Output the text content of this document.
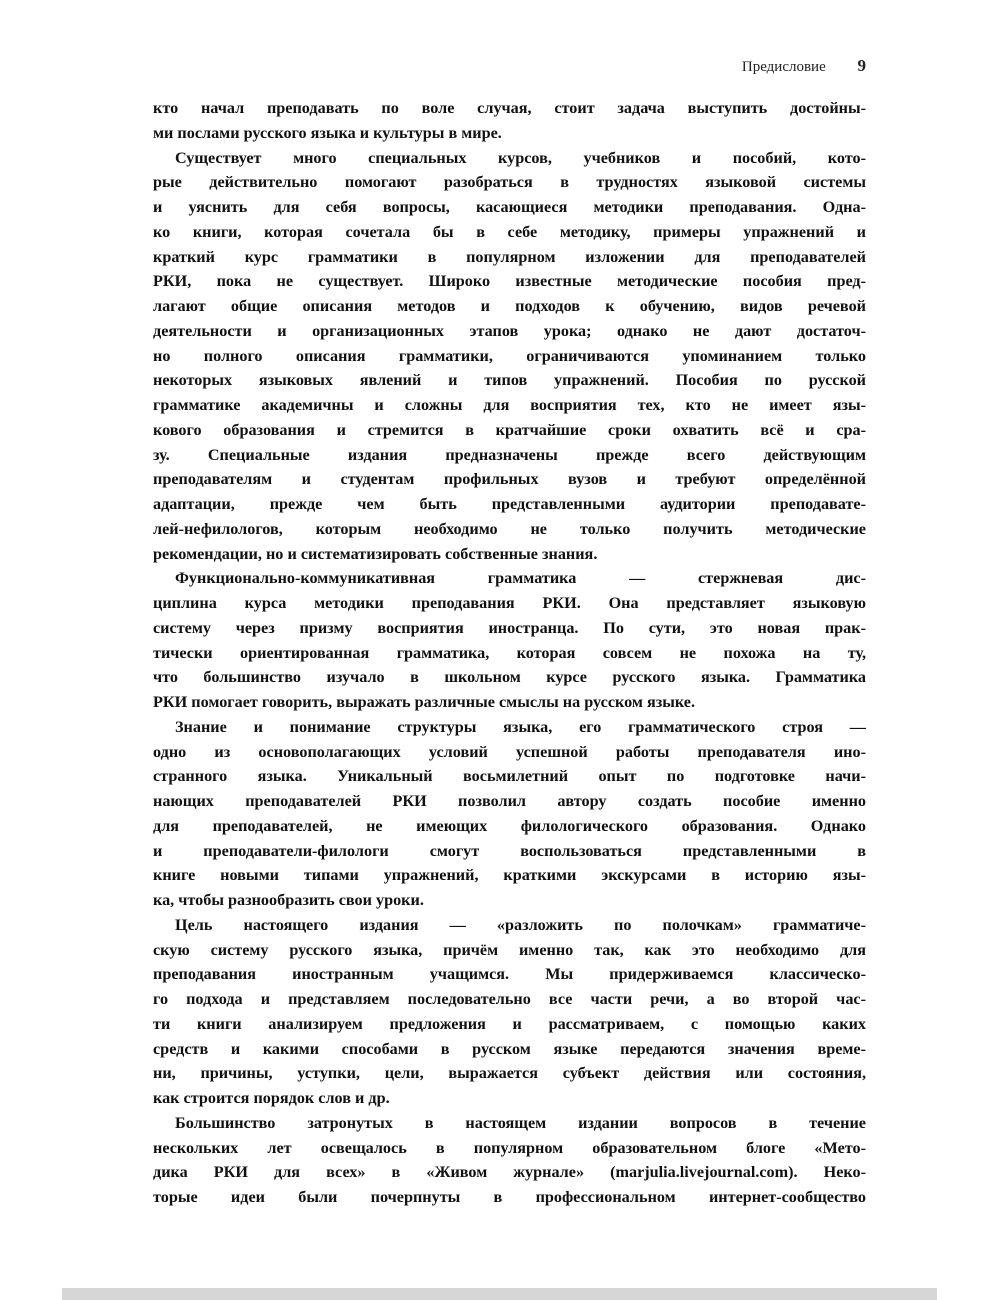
Предисловие 9
кто начал преподавать по воле случая, стоит задача выступить достойны-
ми послами русского языка и культуры в мире.
Существует много специальных курсов, учебников и пособий, кото-
рые действительно помогают разобраться в трудностях языковой системы
и уяснить для себя вопросы, касающиеся методики преподавания. Одна-
ко книги, которая сочетала бы в себе методику, примеры упражнений и
краткий курс грамматики в популярном изложении для преподавателей
РКИ, пока не существует. Широко известные методические пособия пред-
лагают общие описания методов и подходов к обучению, видов речевой
деятельности и организационных этапов урока; однако не дают достаточ-
но полного описания грамматики, ограничиваются упоминанием только
некоторых языковых явлений и типов упражнений. Пособия по русской
грамматике академичны и сложны для восприятия тех, кто не имеет язы-
кового образования и стремится в кратчайшие сроки охватить всё и сра-
зу. Специальные издания предназначены прежде всего действующим
преподавателям и студентам профильных вузов и требуют определённой
адаптации, прежде чем быть представленными аудитории преподавате-
лей-нефилологов, которым необходимо не только получить методические
рекомендации, но и систематизировать собственные знания.
Функционально-коммуникативная грамматика — стержневая дис-
циплина курса методики преподавания РКИ. Она представляет языковую
систему через призму восприятия иностранца. По сути, это новая прак-
тически ориентированная грамматика, которая совсем не похожа на ту,
что большинство изучало в школьном курсе русского языка. Грамматика
РКИ помогает говорить, выражать различные смыслы на русском языке.
Знание и понимание структуры языка, его грамматического строя —
одно из основополагающих условий успешной работы преподавателя ино-
странного языка. Уникальный восьмилетний опыт по подготовке начи-
нающих преподавателей РКИ позволил автору создать пособие именно
для преподавателей, не имеющих филологического образования. Однако
и преподаватели-филологи смогут воспользоваться представленными в
книге новыми типами упражнений, краткими экскурсами в историю язы-
ка, чтобы разнообразить свои уроки.
Цель настоящего издания — «разложить по полочкам» грамматиче-
скую систему русского языка, причём именно так, как это необходимо для
преподавания иностранным учащимся. Мы придерживаемся классическо-
го подхода и представляем последовательно все части речи, а во второй час-
ти книги анализируем предложения и рассматриваем, с помощью каких
средств и какими способами в русском языке передаются значения време-
ни, причины, уступки, цели, выражается субъект действия или состояния,
как строится порядок слов и др.
Большинство затронутых в настоящем издании вопросов в течение
нескольких лет освещалось в популярном образовательном блоге «Мето-
дика РКИ для всех» в «Живом журнале» (marjulia.livejournal.com). Неко-
торые идеи были почерпнуты в профессиональном интернет-сообщество
